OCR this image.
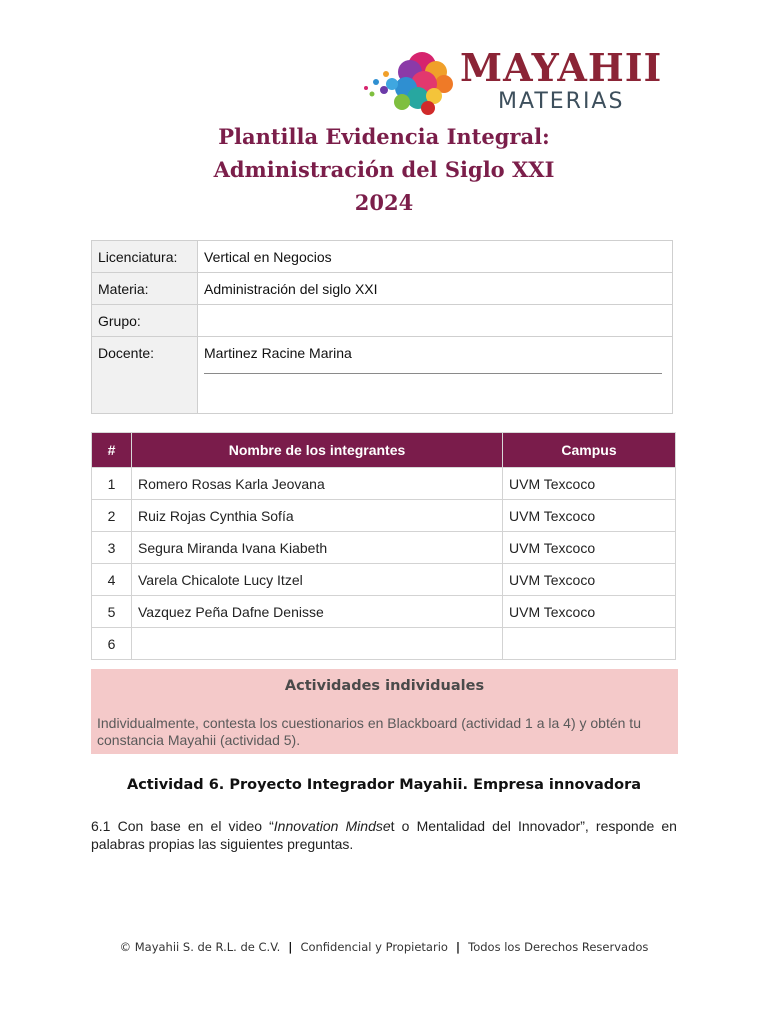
MAYAHII
MATERIAS
Plantilla Evidencia Integral:
Administración del Siglo XXI
2024
Licenciatura:	Vertical en Negocios
Materia:	Administración del siglo XXI
Grupo:	
Docente:	Martinez Racine Marina
#	Nombre de los integrantes	Campus
1	Romero Rosas Karla Jeovana	UVM Texcoco
2	Ruiz Rojas Cynthia Sofía	UVM Texcoco
3	Segura Miranda Ivana Kiabeth	UVM Texcoco
4	Varela Chicalote Lucy Itzel	UVM Texcoco
5	Vazquez Peña Dafne Denisse	UVM Texcoco
6		
Actividades individuales
Individualmente, contesta los cuestionarios en Blackboard (actividad 1 a la 4) y obtén tu constancia Mayahii (actividad 5).
Actividad 6. Proyecto Integrador Mayahii. Empresa innovadora
6.1 Con base en el video “Innovation Mindset o Mentalidad del Innovador”, responde en palabras propias las siguientes preguntas.
© Mayahii S. de R.L. de C.V. | Confidencial y Propietario | Todos los Derechos Reservados
